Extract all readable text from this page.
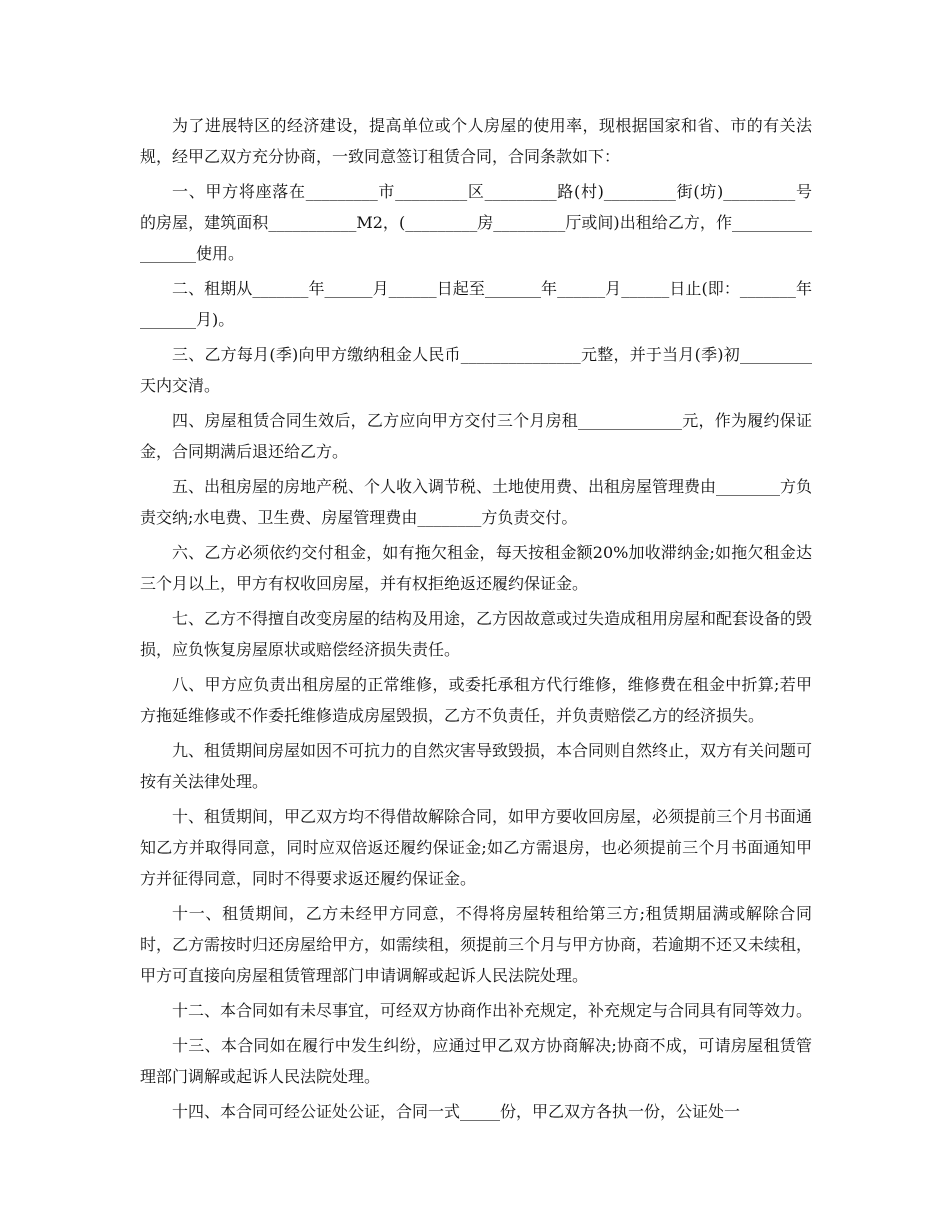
为了进展特区的经济建设，提高单位或个人房屋的使用率，现根据国家和省、市的有关法规，经甲乙双方充分协商，一致同意签订租赁合同，合同条款如下：

一、甲方将座落在_________市_________区_________路(村)_________街(坊)_________号的房屋，建筑面积___________M2，(_________房_________厅或间)出租给乙方，作_________________使用。

二、租期从_______年______月______日起至_______年______月______日止(即：_______年_______月)。

三、乙方每月(季)向甲方缴纳租金人民币_______________元整，并于当月(季)初_________天内交清。

四、房屋租赁合同生效后，乙方应向甲方交付三个月房租_____________元，作为履约保证金，合同期满后退还给乙方。

五、出租房屋的房地产税、个人收入调节税、土地使用费、出租房屋管理费由________方负责交纳;水电费、卫生费、房屋管理费由________方负责交付。

六、乙方必须依约交付租金，如有拖欠租金，每天按租金额20%加收滞纳金;如拖欠租金达三个月以上，甲方有权收回房屋，并有权拒绝返还履约保证金。

七、乙方不得擅自改变房屋的结构及用途，乙方因故意或过失造成租用房屋和配套设备的毁损，应负恢复房屋原状或赔偿经济损失责任。

八、甲方应负责出租房屋的正常维修，或委托承租方代行维修，维修费在租金中折算;若甲方拖延维修或不作委托维修造成房屋毁损，乙方不负责任，并负责赔偿乙方的经济损失。

九、租赁期间房屋如因不可抗力的自然灾害导致毁损，本合同则自然终止，双方有关问题可按有关法律处理。

十、租赁期间，甲乙双方均不得借故解除合同，如甲方要收回房屋，必须提前三个月书面通知乙方并取得同意，同时应双倍返还履约保证金;如乙方需退房，也必须提前三个月书面通知甲方并征得同意，同时不得要求返还履约保证金。

十一、租赁期间，乙方未经甲方同意，不得将房屋转租给第三方;租赁期届满或解除合同时，乙方需按时归还房屋给甲方，如需续租，须提前三个月与甲方协商，若逾期不还又未续租，甲方可直接向房屋租赁管理部门申请调解或起诉人民法院处理。

十二、本合同如有未尽事宜，可经双方协商作出补充规定，补充规定与合同具有同等效力。

十三、本合同如在履行中发生纠纷，应通过甲乙双方协商解决;协商不成，可请房屋租赁管理部门调解或起诉人民法院处理。

十四、本合同可经公证处公证，合同一式_____份，甲乙双方各执一份，公证处一
